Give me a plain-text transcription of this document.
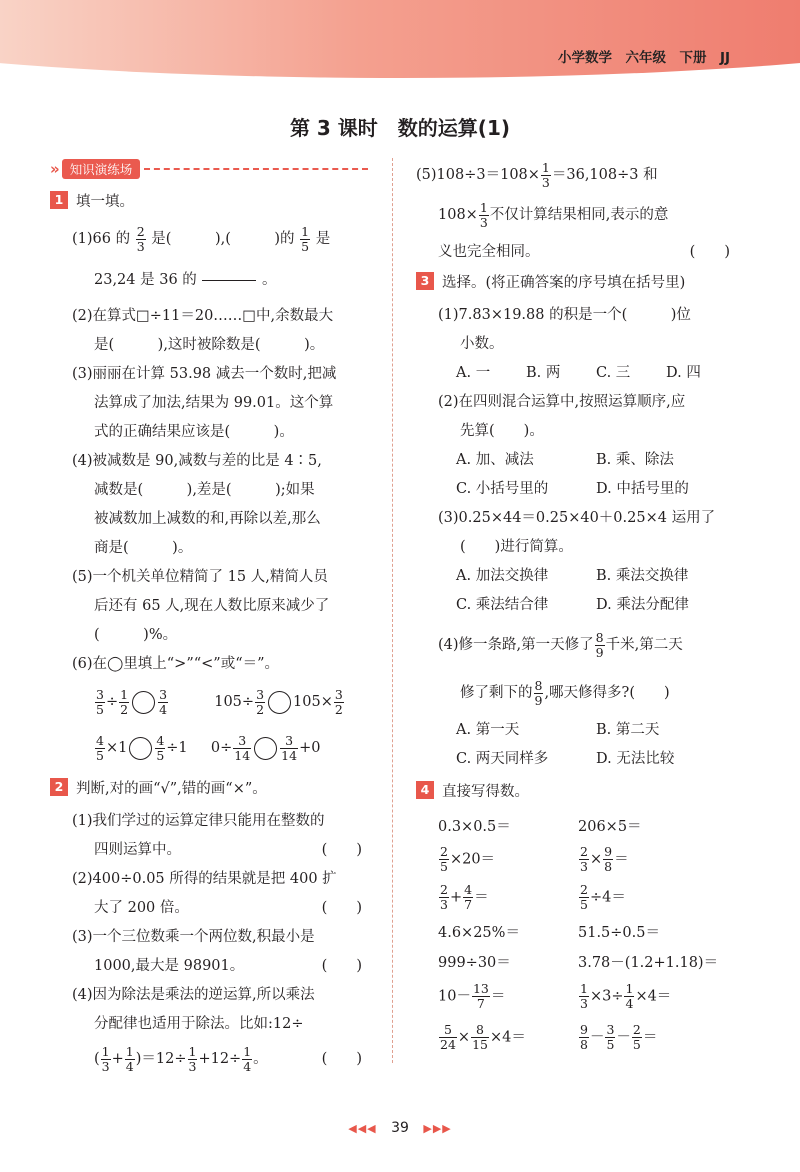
小学数学　六年级　下册　JJ
第 3 课时　数的运算(1)
» 知识演练场
1 填一填。
(1)66 的 $\frac{2}{3}$ 是(　　　),(　　　)的 $\frac{1}{5}$ 是
23,24 是 36 的	。
(2)在算式□÷11＝20……□中,余数最大
是(　　　),这时被除数是(　　　)。
(3)丽丽在计算 53.98 减去一个数时,把减
法算成了加法,结果为 99.01。这个算
式的正确结果应该是(　　　)。
(4)被减数是 90,减数与差的比是 4∶5,
减数是(　　　),差是(　　　);如果
被减数加上减数的和,再除以差,那么
商是(　　　)。
(5)一个机关单位精简了 15 人,精简人员
后还有 65 人,现在人数比原来减少了
(　　　)%。
(6)在◯里填上“>”“<”或“＝”。
$\frac{3}{5} \div \frac{1}{2} \frac{3}{4}$	$105\div \frac{3}{2} 105\times \frac{3}{2}$
$\frac{4}{5} \times 1 \frac{4}{5} \div 1$ $0\div \frac{3}{14} \frac{3}{14} +0$
2 判断,对的画“√”,错的画“×”。
(1)我们学过的运算定律只能用在整数的
四则运算中。	(　　)
(2)400÷0.05 所得的结果就是把 400 扩
大了 200 倍。	(　　)
(3)一个三位数乘一个两位数,积最小是
1000,最大是 98901。	(　　)
(4)因为除法是乘法的逆运算,所以乘法
分配律也适用于除法。比如:12÷
( $\frac{1}{3} + \frac{1}{4} )=12\div \frac{1}{3} +12\div \frac{1}{4}$ 。	(　　)
$(5)108\div 3=108\times \frac{1}{3} =36,108\div 3$ 和
$108\times \frac{1}{3}$ 不仅计算结果相同,表示的意
义也完全相同。	(　　)
3 选择。(将正确答案的序号填在括号里)
(1)7.83×19.88 的积是一个(　　　)位
小数。
A. 一	B. 两	C. 三	D. 四
(2)在四则混合运算中,按照运算顺序,应
先算(　　)。
A. 加、减法	B. 乘、除法
C. 小括号里的	D. 中括号里的
(3)0.25×44＝0.25×40＋0.25×4 运用了
(　　)进行简算。
A. 加法交换律	B. 乘法交换律
C. 乘法结合律	D. 乘法分配律
(4)修一条路,第一天修了 $\frac{8}{9}$ 千米,第二天
修了剩下的 $\frac{8}{9}$ ,哪天修得多?(　　)
A. 第一天	B. 第二天
C. 两天同样多	D. 无法比较
4 直接写得数。
0.3×0.5＝	206×5＝
$\frac{2}{5} \times 20=$	$\frac{2}{3} \times \frac{9}{8}$ ＝
$\frac{2}{3} + \frac{4}{7}$ ＝	$\frac{2}{5} \div 4=$
4.6×25%＝	51.5÷0.5＝
999÷30＝	3.78－(1.2+1.18)＝
$10- \frac{13}{7}$ ＝	$\frac{1}{3} \times 3\div \frac{1}{4} \times 4=$
$\frac{5}{24} \times \frac{8}{15} \times 4=$	$\frac{9}{8} - \frac{3}{5} - \frac{2}{5}$ ＝
◀◀◀ 39 ▶▶▶
